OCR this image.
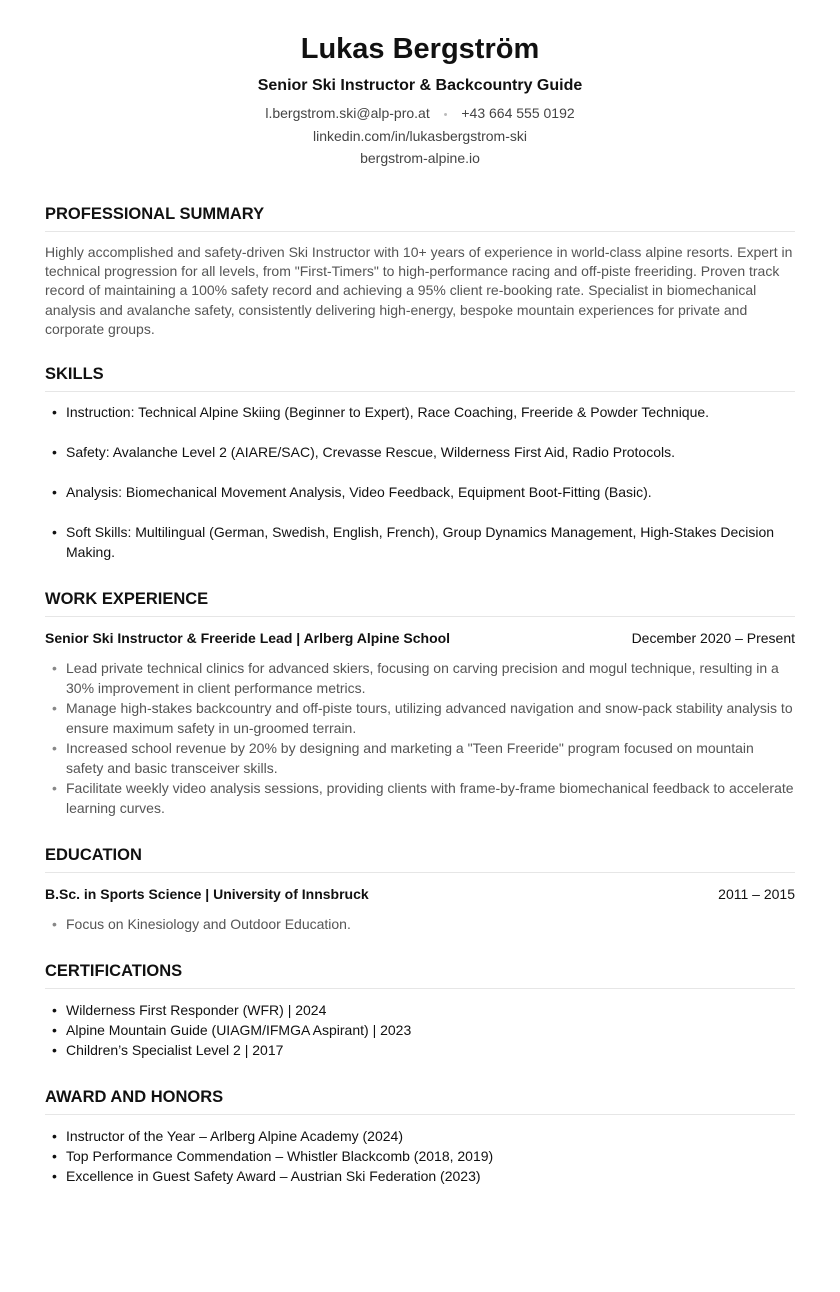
Lukas Bergström
Senior Ski Instructor & Backcountry Guide
l.bergstrom.ski@alp-pro.at • +43 664 555 0192
linkedin.com/in/lukasbergstrom-ski
bergstrom-alpine.io
PROFESSIONAL SUMMARY

Highly accomplished and safety-driven Ski Instructor with 10+ years of experience in world-class alpine resorts. Expert in technical progression for all levels, from "First-Timers" to high-performance racing and off-piste freeriding. Proven track record of maintaining a 100% safety record and achieving a 95% client re-booking rate. Specialist in biomechanical analysis and avalanche safety, consistently delivering high-energy, bespoke mountain experiences for private and corporate groups.

SKILLS
• Instruction: Technical Alpine Skiing (Beginner to Expert), Race Coaching, Freeride & Powder Technique.
• Safety: Avalanche Level 2 (AIARE/SAC), Crevasse Rescue, Wilderness First Aid, Radio Protocols.
• Analysis: Biomechanical Movement Analysis, Video Feedback, Equipment Boot-Fitting (Basic).
• Soft Skills: Multilingual (German, Swedish, English, French), Group Dynamics Management, High-Stakes Decision Making.
WORK EXPERIENCE
Senior Ski Instructor & Freeride Lead | Arlberg Alpine School	December 2020 – Present
• Lead private technical clinics for advanced skiers, focusing on carving precision and mogul technique, resulting in a 30% improvement in client performance metrics.
• Manage high-stakes backcountry and off-piste tours, utilizing advanced navigation and snow-pack stability analysis to ensure maximum safety in un-groomed terrain.
• Increased school revenue by 20% by designing and marketing a "Teen Freeride" program focused on mountain safety and basic transceiver skills.
• Facilitate weekly video analysis sessions, providing clients with frame-by-frame biomechanical feedback to accelerate learning curves.
EDUCATION
B.Sc. in Sports Science | University of Innsbruck	2011 – 2015
• Focus on Kinesiology and Outdoor Education.
CERTIFICATIONS
• Wilderness First Responder (WFR) | 2024
• Alpine Mountain Guide (UIAGM/IFMGA Aspirant) | 2023
• Children’s Specialist Level 2 | 2017
AWARD AND HONORS
• Instructor of the Year – Arlberg Alpine Academy (2024)
• Top Performance Commendation – Whistler Blackcomb (2018, 2019)
• Excellence in Guest Safety Award – Austrian Ski Federation (2023)
